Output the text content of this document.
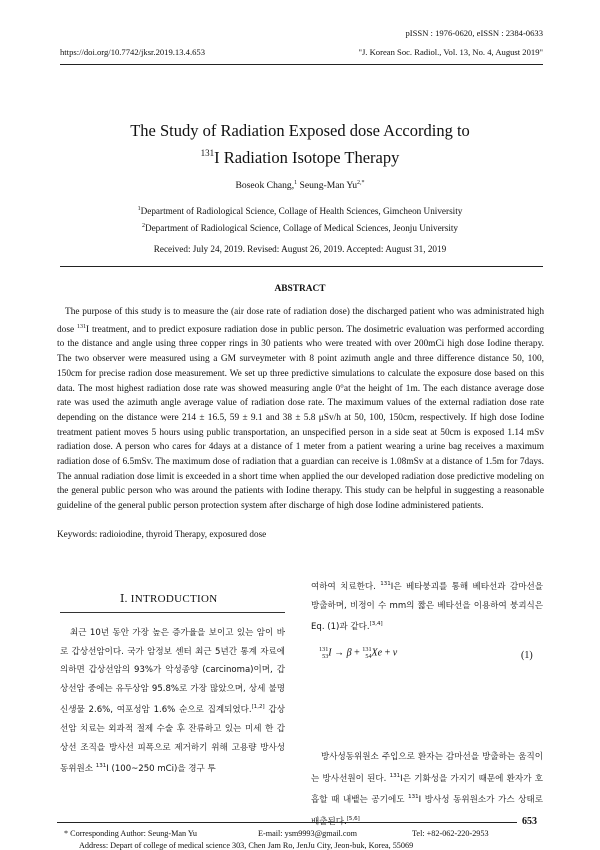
pISSN : 1976-0620, eISSN : 2384-0633
https://doi.org/10.7742/jksr.2019.13.4.653	"J. Korean Soc. Radiol., Vol. 13, No. 4, August 2019"
The Study of Radiation Exposed dose According to
$^{131}$I Radiation Isotope Therapy
Boseok Chang,$^1$ Seung-Man $Yu^{2,*}$
$^1$Department of Radiological Science, Collage of Health Sciences, Gimcheon University
$^2$Department of Radiological Science, Collage of Medical Sciences, Jeonju University
Received: July 24, 2019. Revised: August 26, 2019. Accepted: August 31, 2019
ABSTRACT
The purpose of this study is to measure the (air dose rate of radiation dose) the discharged patient who was administrated high dose $^{131}$I treatment, and to predict exposure radiation dose in public person. The dosimetric evaluation was performed according to the distance and angle using three copper rings in 30 patients who were treated with over 200mCi high dose Iodine therapy. The two observer were measured using a GM surveymeter with 8 point azimuth angle and three difference distance 50, 100, 150cm for precise radion dose measurement. We set up three predictive simulations to calculate the exposure dose based on this data. The most highest radiation dose rate was showed measuring angle 0°at the height of 1m. The each distance average dose rate was used the azimuth angle average value of radiation dose rate. The maximum values of the external radiation dose rate depending on the distance were 214 ± 16.5, 59 ± 9.1 and 38 ± 5.8 μSv/h at 50, 100, 150cm, respectively. If high dose Iodine treatment patient moves 5 hours using public transportation, an unspecified person in a side seat at 50cm is exposed 1.14 mSv radiation dose. A person who cares for 4days at a distance of 1 meter from a patient wearing a urine bag receives a maximum radiation dose of 6.5mSv. The maximum dose of radiation that a guardian can receive is 1.08mSv at a distance of 1.5m for 7days. The annual radiation dose limit is exceeded in a short time when applied the our developed radiation dose predictive modeling on the general public person who was around the patients with Iodine therapy. This study can be helpful in suggesting a reasonable guideline of the general public person protection system after discharge of high dose Iodine administered patients.
Keywords: radioiodine, thyroid Therapy, exposured dose
Ⅰ. INTRODUCTION
최근 10년 동안 가장 높은 증가율을 보이고 있는 암이 바로 갑상선암이다. 국가 암정보 센터 최근 5년간 통계 자료에 의하면 갑상선암의 93%가 악성종양 (carcinoma)이며, 갑상선암 중에는 유두상암 95.8%로 가장 많았으며, 상세 불명 신생물 2.6%, 여포성암 1.6% 순으로 집계되었다.[1,2] 갑상선암 치료는 외과적 절제 수술 후 잔류하고 있는 미세 한 갑상선 조직을 방사선 피폭으로 제거하기 위해 고용량 방사성동위원소 $^{131}$I (100~250 mCi)을 경구 투
여하여 치료한다. $^{131}$I은 베타붕괴를 통해 베타선과 감마선을 방출하며, 비정이 수 mm의 짧은 베타선을 이용하여 붕괴식은 Eq. (1)과 같다.[3,4]
131
53I → β + 131
54Xe + ν	(1)
방사성동위원소 주입으로 환자는 감마선을 방출하는 움직이는 방사선원이 된다. $^{131}$I은 기화성을 가지기 때문에 환자가 호흡할 때 내뱉는 공기에도 $^{131}$I 방사성 동위원소가 가스 상태로 배출된다.[5,6]
* Corresponding Author: Seung-Man Yu	E-mail: ysm9993@gmail.com	Tel: +82-062-220-2953
653
Address: Depart of college of medical science 303, Chen Jam Ro, JenJu City, Jeon-buk, Korea, 55069
